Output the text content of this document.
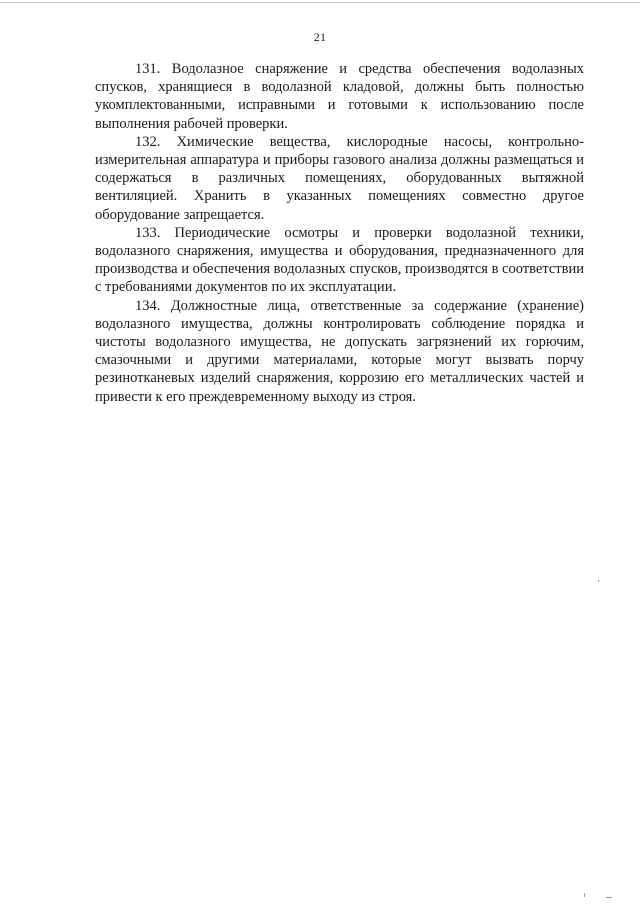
21

131. Водолазное снаряжение и средства обеспечения водолазных спусков, хранящиеся в водолазной кладовой, должны быть полностью укомплектованными, исправными и готовыми к использованию после выполнения рабочей проверки.

132. Химические вещества, кислородные насосы, контрольно-измерительная аппаратура и приборы газового анализа должны размещаться и содержаться в различных помещениях, оборудованных вытяжной вентиляцией. Хранить в указанных помещениях совместно другое оборудование запрещается.

133. Периодические осмотры и проверки водолазной техники, водолазного снаряжения, имущества и оборудования, предназначенного для производства и обеспечения водолазных спусков, производятся в соответствии с требованиями документов по их эксплуатации.

134. Должностные лица, ответственные за содержание (хранение) водолазного имущества, должны контролировать соблюдение порядка и чистоты водолазного имущества, не допускать загрязнений их горючим, смазочными и другими материалами, которые могут вызвать порчу резинотканевых изделий снаряжения, коррозию его металлических частей и привести к его преждевременному выходу из строя.
